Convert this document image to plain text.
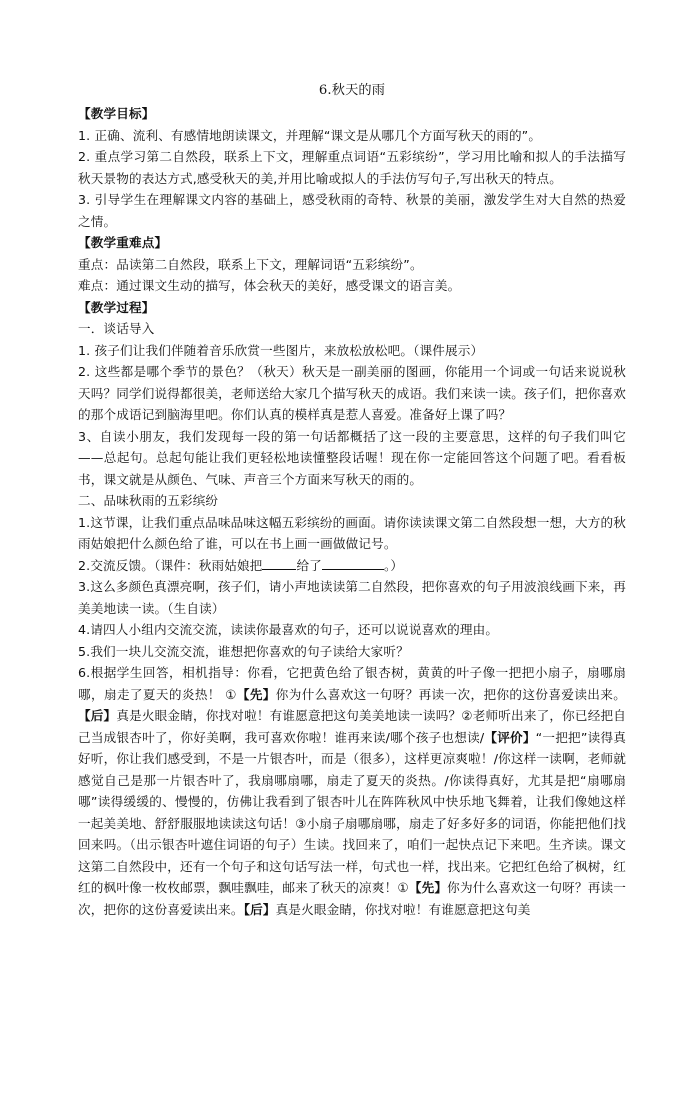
6.秋天的雨

【教学目标】

1. 正确、流利、有感情地朗读课文，并理解“课文是从哪几个方面写秋天的雨的”。

2. 重点学习第二自然段，联系上下文，理解重点词语“五彩缤纷”，学习用比喻和拟人的手法描写秋天景物的表达方式,感受秋天的美,并用比喻或拟人的手法仿写句子,写出秋天的特点。

3. 引导学生在理解课文内容的基础上，感受秋雨的奇特、秋景的美丽，激发学生对大自然的热爱之情。

【教学重难点】

重点：品读第二自然段，联系上下文，理解词语“五彩缤纷”。

难点：通过课文生动的描写，体会秋天的美好，感受课文的语言美。

【教学过程】

一．谈话导入

1. 孩子们让我们伴随着音乐欣赏一些图片，来放松放松吧。（课件展示）

2. 这些都是哪个季节的景色？（秋天）秋天是一副美丽的图画，你能用一个词或一句话来说说秋天吗？同学们说得都很美，老师送给大家几个描写秋天的成语。我们来读一读。孩子们，把你喜欢的那个成语记到脑海里吧。你们认真的模样真是惹人喜爱。准备好上课了吗？

3、自读小朋友，我们发现每一段的第一句话都概括了这一段的主要意思，这样的句子我们叫它——总起句。总起句能让我们更轻松地读懂整段话喔！现在你一定能回答这个问题了吧。看看板书，课文就是从颜色、气味、声音三个方面来写秋天的雨的。

二、品味秋雨的五彩缤纷

1.这节课，让我们重点品味品味这幅五彩缤纷的画面。请你读读课文第二自然段想一想，大方的秋雨姑娘把什么颜色给了谁，可以在书上画一画做做记号。

2.交流反馈。（课件：秋雨姑娘把	给了	。）

3.这么多颜色真漂亮啊，孩子们，请小声地读读第二自然段，把你喜欢的句子用波浪线画下来，再美美地读一读。（生自读）

4.请四人小组内交流交流，读读你最喜欢的句子，还可以说说喜欢的理由。

5.我们一块儿交流交流，谁想把你喜欢的句子读给大家听？

6.根据学生回答，相机指导：你看，它把黄色给了银杏树，黄黄的叶子像一把把小扇子，扇哪扇哪，扇走了夏天的炎热！ ①【先】你为什么喜欢这一句呀？再读一次，把你的这份喜爱读出来。【后】真是火眼金睛，你找对啦！有谁愿意把这句美美地读一读吗？②老师听出来了，你已经把自己当成银杏叶了，你好美啊，我可喜欢你啦！谁再来读/哪个孩子也想读/【评价】“一把把”读得真好听，你让我们感受到，不是一片银杏叶，而是（很多），这样更凉爽啦！/你这样一读啊，老师就感觉自己是那一片银杏叶了，我扇哪扇哪，扇走了夏天的炎热。/你读得真好，尤其是把“扇哪扇哪”读得缓缓的、慢慢的，仿佛让我看到了银杏叶儿在阵阵秋风中快乐地飞舞着，让我们像她这样一起美美地、舒舒服服地读读这句话！③小扇子扇哪扇哪，扇走了好多好多的词语，你能把他们找回来吗。（出示银杏叶遮住词语的句子）生读。找回来了，咱们一起快点记下来吧。生齐读。课文这第二自然段中，还有一个句子和这句话写法一样，句式也一样，找出来。它把红色给了枫树，红红的枫叶像一枚枚邮票，飘哇飘哇，邮来了秋天的凉爽！①【先】你为什么喜欢这一句呀？再读一次，把你的这份喜爱读出来。【后】真是火眼金睛，你找对啦！有谁愿意把这句美
